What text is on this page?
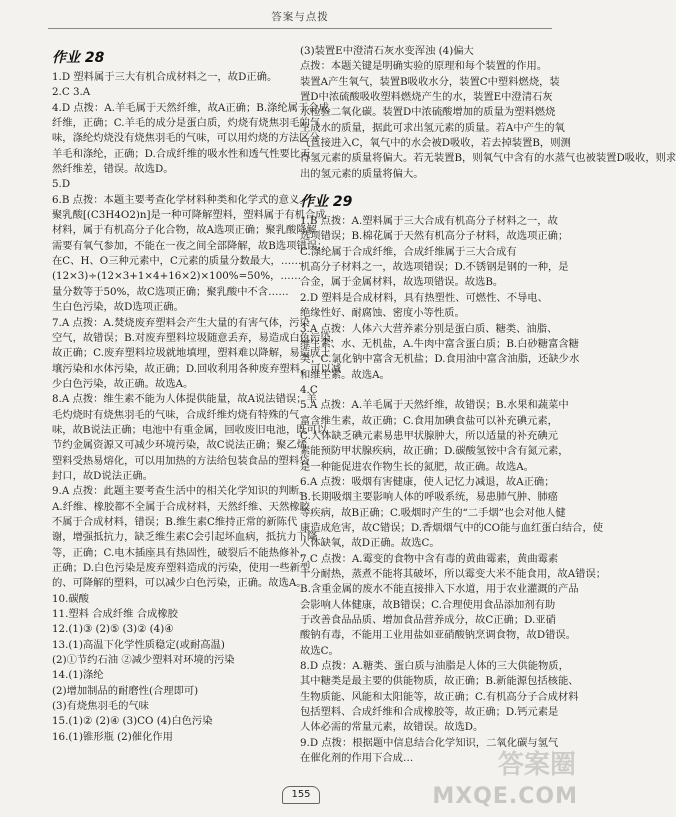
答案与点拨
作业 28
1.D 塑料属于三大有机合成材料之一，故D正确。
2.C 3.A
4.D 点拨：A.羊毛属于天然纤维，故A正确；B.涤纶属于合成
纤维，正确；C.羊毛的成分是蛋白质，灼烧有烧焦羽毛的气
味，涤纶灼烧没有烧焦羽毛的气味，可以用灼烧的方法区分
羊毛和涤纶，正确；D.合成纤维的吸水性和透气性要比天
然纤维差，错误。故选D。
5.D
6.B 点拨：本题主要考查化学材料种类和化学式的意义。
聚乳酸[(C3H4O2)n]是一种可降解塑料，塑料属于有机合成
材料，属于有机高分子化合物，故A选项正确；聚乳酸降解
需要有氧气参加，不能在一夜之间全部降解，故B选项错误；
在C、H、O三种元素中，C元素的质量分数最大，……
(12×3)÷(12×3+1×4+16×2)×100%=50%，……
量分数等于50%，故C选项正确；聚乳酸中不含……
生白色污染，故D选项正确。
7.A 点拨：A.焚烧废弃塑料会产生大量的有害气体，污染
空气，故错误；B.对废弃塑料垃圾随意丢弃，易造成白色污染，
故正确；C.废弃塑料垃圾就地填埋，塑料难以降解，易造成土
壤污染和水体污染，故正确；D.回收利用各种废弃塑料，可以减
少白色污染，故正确。故选A。
8.A 点拨：维生素不能为人体提供能量，故A说法错误；羊
毛灼烧时有烧焦羽毛的气味，合成纤维灼烧有特殊的气
味，故B说法正确；电池中有重金属，回收废旧电池，既可以
节约金属资源又可减少环境污染，故C说法正确；聚乙烯
塑料受热易熔化，可以用加热的方法给包装食品的塑料袋
封口，故D说法正确。
9.A 点拨：此题主要考查生活中的相关化学知识的判断。
A.纤维、橡胶都不全属于合成材料，天然纤维、天然橡胶
不属于合成材料，错误；B.维生素C维持正常的新陈代
谢，增强抵抗力，缺乏维生素C会引起坏血病，抵抗力下降
等，正确；C.电木插座具有热固性，破裂后不能热修补，
正确；D.白色污染是废弃塑料造成的污染，使用一些新型
的、可降解的塑料，可以减少白色污染，正确。故选A。
10.碳酸
11.塑料 合成纤维 合成橡胶
12.(1)③ (2)⑤ (3)② (4)④
13.(1)高温下化学性质稳定(或耐高温)
(2)①节约石油 ②减少塑料对环境的污染
14.(1)涤纶
(2)增加制品的耐磨性(合理即可)
(3)有烧焦羽毛的气味
15.(1)② (2)④ (3)CO (4)白色污染
16.(1)锥形瓶 (2)催化作用
(3)装置E中澄清石灰水变浑浊 (4)偏大
点拨：本题关键是明确实验的原理和每个装置的作用。
装置A产生氧气，装置B吸收水分，装置C中塑料燃烧，装
置D中浓硫酸吸收塑料燃烧产生的水，装置E中澄清石灰
水检验二氧化碳。装置D中浓硫酸增加的质量为塑料燃烧
生成水的质量，据此可求出氢元素的质量。若A中产生的氧
气直接进入C，氧气中的水会被D吸收，若去掉装置B，则测
得氢元素的质量将偏大。若无装置B，则氧气中含有的水蒸气也被装置D吸收，则求
出的氢元素的质量将偏大。
作业 29
1.B 点拨：A.塑料属于三大合成有机高分子材料之一，故
选项错误；B.棉花属于天然有机高分子材料，故选项正确；
C.涤纶属于合成纤维，合成纤维属于三大合成有
机高分子材料之一，故选项错误；D.不锈钢是钢的一种，是
合金，属于金属材料，故选项错误。故选B。
2.D 塑料是合成材料，具有热塑性、可燃性、不导电、
绝缘性好、耐腐蚀、密度小等性质。
3.A 点拨：人体六大营养素分别是蛋白质、糖类、油脂、
维生素、水、无机盐，A.牛肉中富含蛋白质；B.白砂糖富含糖
类；C.氯化钠中富含无机盐；D.食用油中富含油脂，还缺少水
和维生素。故选A。
4.C
5.A 点拨：A.羊毛属于天然纤维，故错误；B.水果和蔬菜中
富含维生素，故正确；C.食用加碘食盐可以补充碘元素，
C.人体缺乏碘元素易患甲状腺肿大，所以适量的补充碘元
素能预防甲状腺疾病，故正确；D.碳酸氢铵中含有氮元素，
是一种能促进农作物生长的氮肥，故正确。故选A。
6.A 点拨：吸烟有害健康，使人记忆力减退，故A正确；
B.长期吸烟主要影响人体的呼吸系统，易患肺气肿、肺癌
等疾病，故B正确；C.吸烟时产生的“二手烟”也会对他人健
康造成危害，故C错误；D.香烟烟气中的CO能与血红蛋白结合，使
人体缺氧，故D正确。故选C。
7.C 点拨：A.霉变的食物中含有毒的黄曲霉素，黄曲霉素
十分耐热，蒸煮不能将其破坏，所以霉变大米不能食用，故A错误；
B.含重金属的废水不能直接排入下水道，用于农业灌溉的产品
会影响人体健康，故B错误；C.合理使用食品添加剂有助
于改善食品品质、增加食品营养成分，故C正确；D.亚硝
酸钠有毒，不能用工业用盐如亚硝酸钠烹调食物，故D错误。
故选C。
8.D 点拨：A.糖类、蛋白质与油脂是人体的三大供能物质，
其中糖类是最主要的供能物质，故正确；B.新能源包括核能、
生物质能、风能和太阳能等，故正确；C.有机高分子合成材料
包括塑料、合成纤维和合成橡胶等，故正确；D.钙元素是
人体必需的常量元素，故错误。故选D。
9.D 点拨：根据题中信息结合化学知识，二氧化碳与氢气
在催化剂的作用下合成…
155
答案圈
MXQE.COM
